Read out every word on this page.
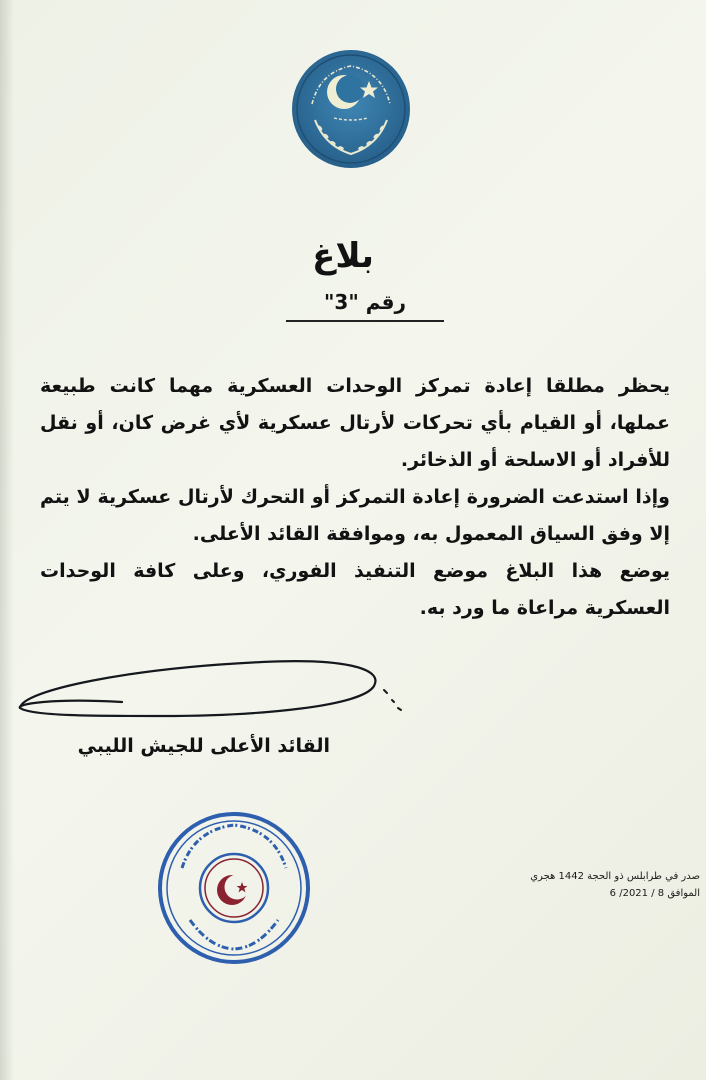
بلاغ
رقم "3"

يحظر مطلقا إعادة تمركز الوحدات العسكرية مهما كانت طبيعة عملها، أو القيام بأي تحركات لأرتال عسكرية لأي غرض كان، أو نقل للأفراد أو الاسلحة أو الذخائر.

وإذا استدعت الضرورة إعادة التمركز أو التحرك لأرتال عسكرية لا يتم إلا وفق السياق المعمول به، وموافقة القائد الأعلى.

يوضع هذا البلاغ موضع التنفيذ الفوري، وعلى كافة الوحدات العسكرية مراعاة ما ورد به.

القائد الأعلى للجيش الليبي
صدر في طرابلس ذو الحجة 1442 هجري
الموافق 8 / 2021/ 6
